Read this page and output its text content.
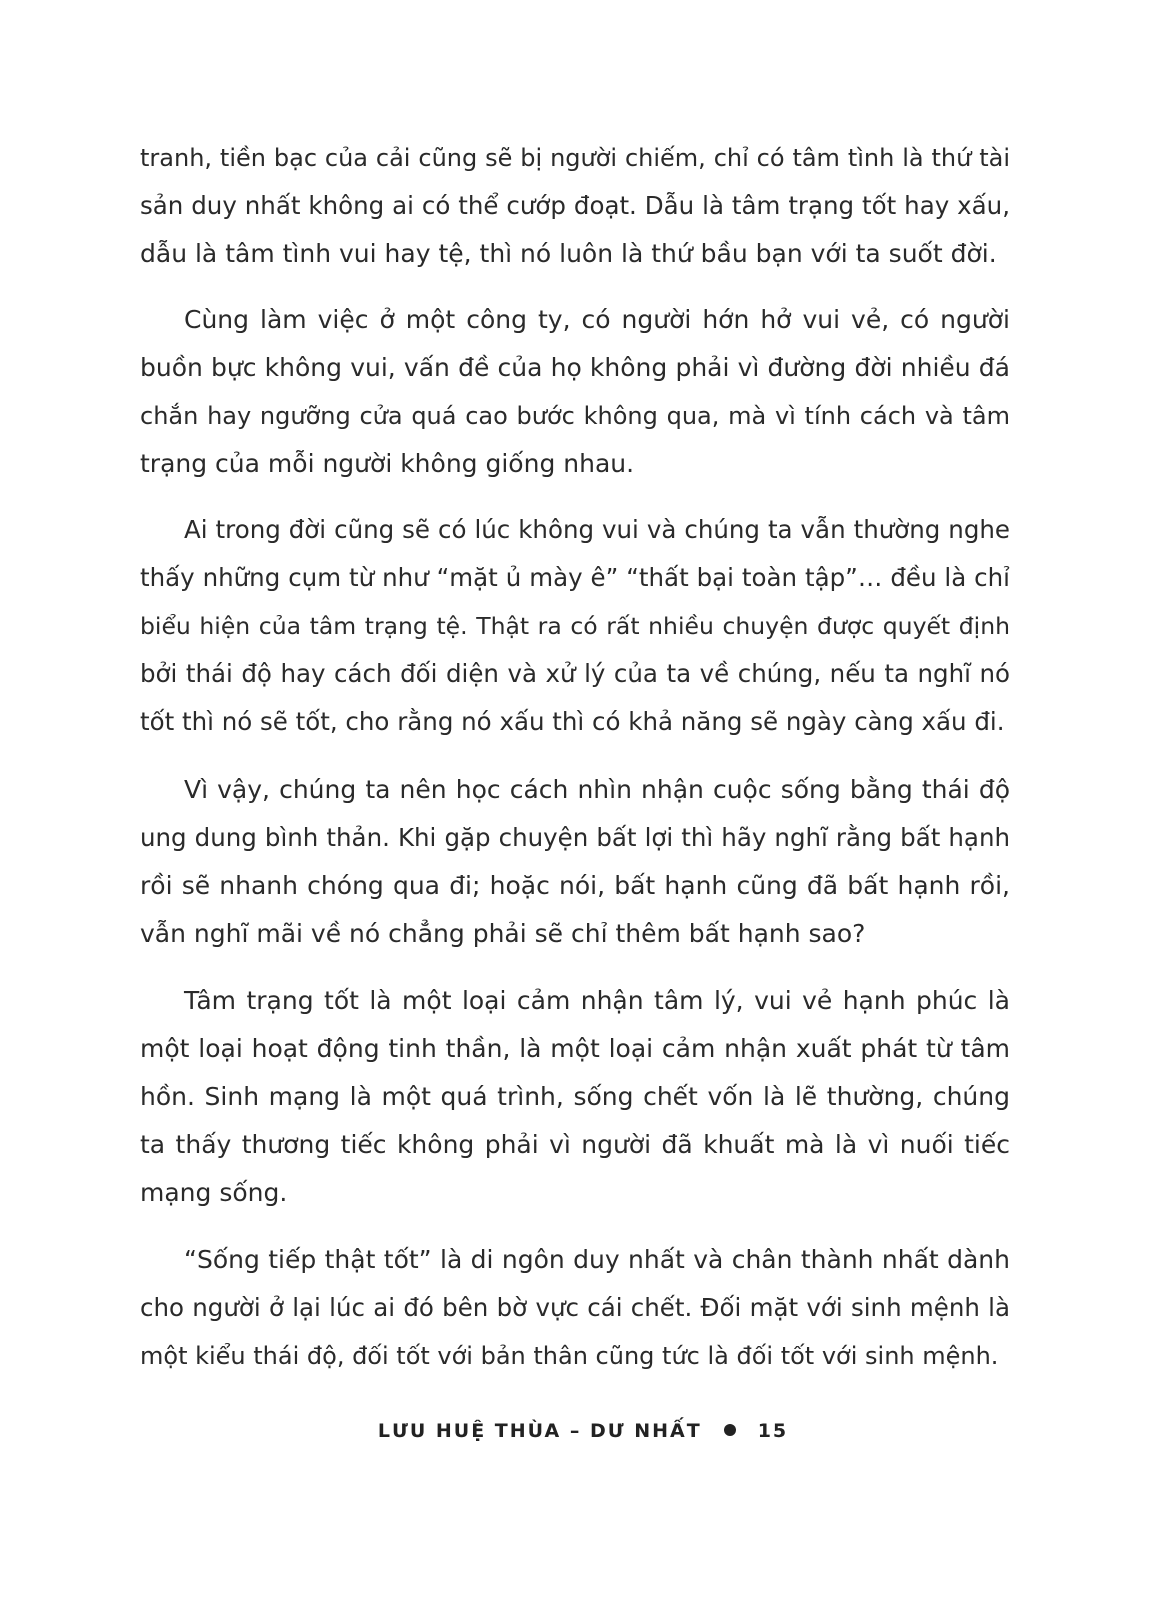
tranh, tiền bạc của cải cũng sẽ bị người chiếm, chỉ có tâm tình là thứ tài
sản duy nhất không ai có thể cướp đoạt. Dẫu là tâm trạng tốt hay xấu,
dẫu là tâm tình vui hay tệ, thì nó luôn là thứ bầu bạn với ta suốt đời.
Cùng làm việc ở một công ty, có người hớn hở vui vẻ, có người
buồn bực không vui, vấn đề của họ không phải vì đường đời nhiều đá
chắn hay ngưỡng cửa quá cao bước không qua, mà vì tính cách và tâm
trạng của mỗi người không giống nhau.
Ai trong đời cũng sẽ có lúc không vui và chúng ta vẫn thường nghe
thấy những cụm từ như “mặt ủ mày ê” “thất bại toàn tập”… đều là chỉ
biểu hiện của tâm trạng tệ. Thật ra có rất nhiều chuyện được quyết định
bởi thái độ hay cách đối diện và xử lý của ta về chúng, nếu ta nghĩ nó
tốt thì nó sẽ tốt, cho rằng nó xấu thì có khả năng sẽ ngày càng xấu đi.
Vì vậy, chúng ta nên học cách nhìn nhận cuộc sống bằng thái độ
ung dung bình thản. Khi gặp chuyện bất lợi thì hãy nghĩ rằng bất hạnh
rồi sẽ nhanh chóng qua đi; hoặc nói, bất hạnh cũng đã bất hạnh rồi,
vẫn nghĩ mãi về nó chẳng phải sẽ chỉ thêm bất hạnh sao?
Tâm trạng tốt là một loại cảm nhận tâm lý, vui vẻ hạnh phúc là
một loại hoạt động tinh thần, là một loại cảm nhận xuất phát từ tâm
hồn. Sinh mạng là một quá trình, sống chết vốn là lẽ thường, chúng
ta thấy thương tiếc không phải vì người đã khuất mà là vì nuối tiếc
mạng sống.
“Sống tiếp thật tốt” là di ngôn duy nhất và chân thành nhất dành
cho người ở lại lúc ai đó bên bờ vực cái chết. Đối mặt với sinh mệnh là
một kiểu thái độ, đối tốt với bản thân cũng tức là đối tốt với sinh mệnh.
LƯU HUỆ THÙA – DƯ NHẤT	15
